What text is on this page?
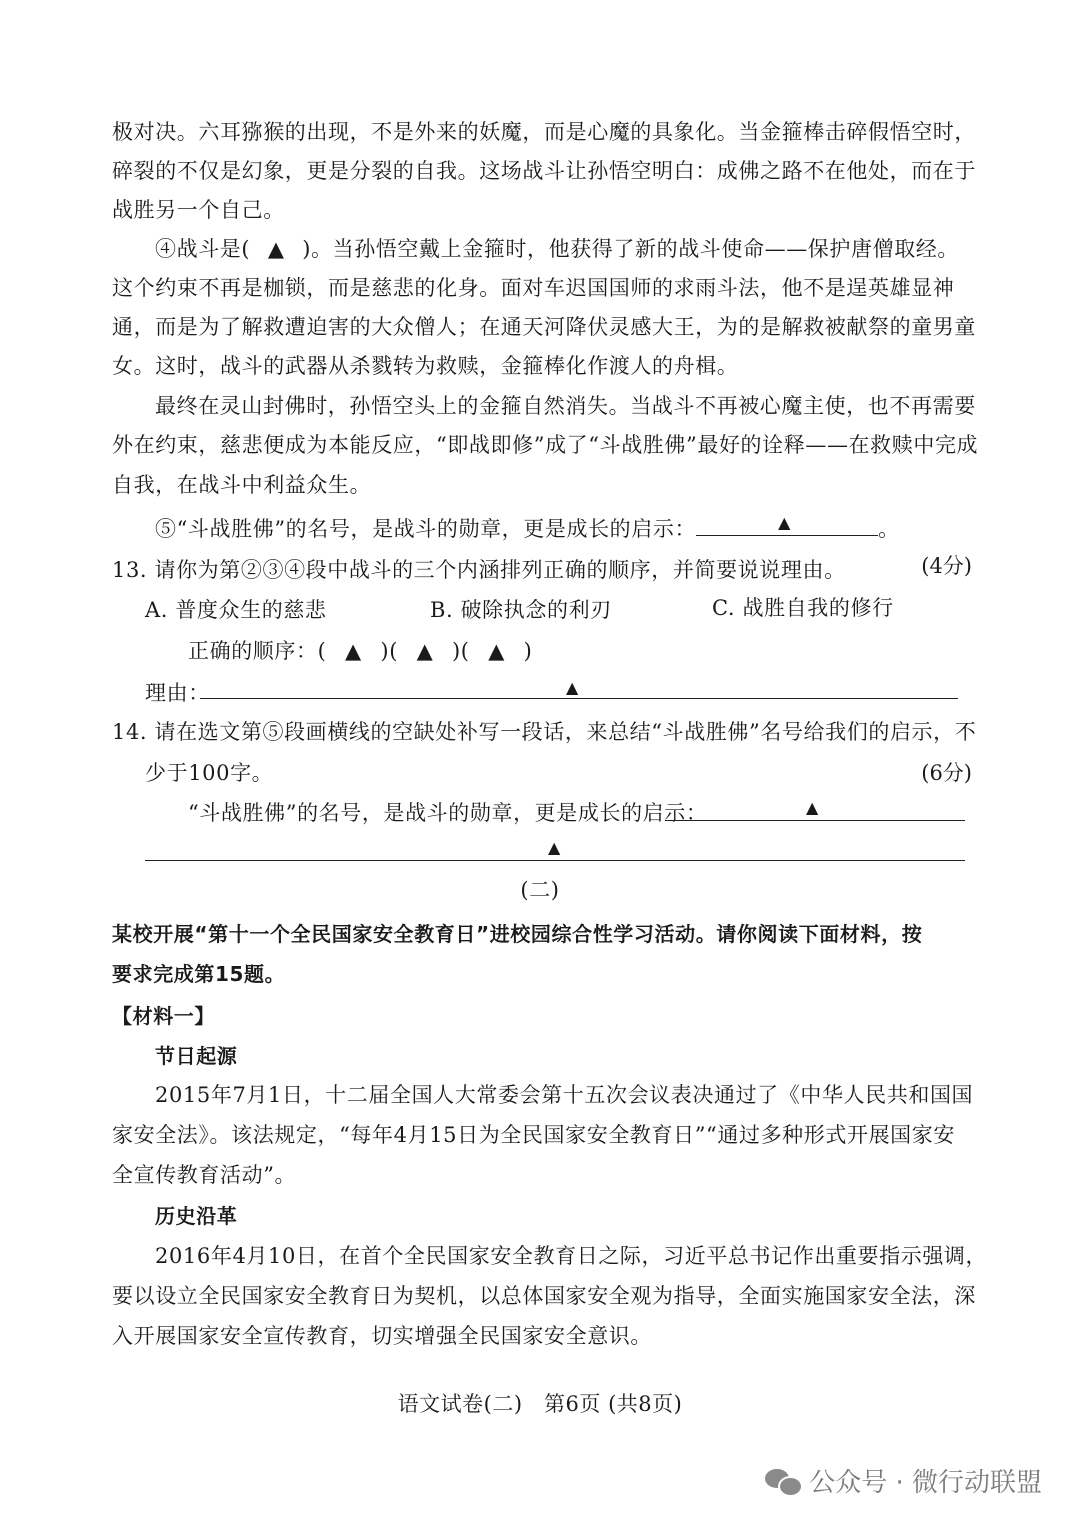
极对决。六耳猕猴的出现，不是外来的妖魔，而是心魔的具象化。当金箍棒击碎假悟空时，
碎裂的不仅是幻象，更是分裂的自我。这场战斗让孙悟空明白：成佛之路不在他处，而在于
战胜另一个自己。
④战斗是( ▲ )。当孙悟空戴上金箍时，他获得了新的战斗使命——保护唐僧取经。
这个约束不再是枷锁，而是慈悲的化身。面对车迟国国师的求雨斗法，他不是逞英雄显神
通，而是为了解救遭迫害的大众僧人；在通天河降伏灵感大王，为的是解救被献祭的童男童
女。这时，战斗的武器从杀戮转为救赎，金箍棒化作渡人的舟楫。
最终在灵山封佛时，孙悟空头上的金箍自然消失。当战斗不再被心魔主使，也不再需要
外在约束，慈悲便成为本能反应，“即战即修”成了“斗战胜佛”最好的诠释——在救赎中完成
自我，在战斗中利益众生。
⑤“斗战胜佛”的名号，是战斗的勋章，更是成长的启示：	▲	。
13. 请你为第②③④段中战斗的三个内涵排列正确的顺序，并简要说说理由。	(4分)
A. 普度众生的慈悲	B. 破除执念的利刃	C. 战胜自我的修行
正确的顺序：( ▲ )( ▲ )( ▲ )
理由：	▲
14. 请在选文第⑤段画横线的空缺处补写一段话，来总结“斗战胜佛”名号给我们的启示，不
少于100字。	(6分)
“斗战胜佛”的名号，是战斗的勋章，更是成长的启示：	▲
▲
(二)
某校开展“第十一个全民国家安全教育日”进校园综合性学习活动。请你阅读下面材料，按
要求完成第15题。
【材料一】
节日起源
2015年7月1日，十二届全国人大常委会第十五次会议表决通过了《中华人民共和国国
家安全法》。该法规定，“每年4月15日为全民国家安全教育日”“通过多种形式开展国家安
全宣传教育活动”。
历史沿革
2016年4月10日，在首个全民国家安全教育日之际，习近平总书记作出重要指示强调，
要以设立全民国家安全教育日为契机，以总体国家安全观为指导，全面实施国家安全法，深
入开展国家安全宣传教育，切实增强全民国家安全意识。
语文试卷(二)　第6页 (共8页)
公众号 · 微行动联盟
